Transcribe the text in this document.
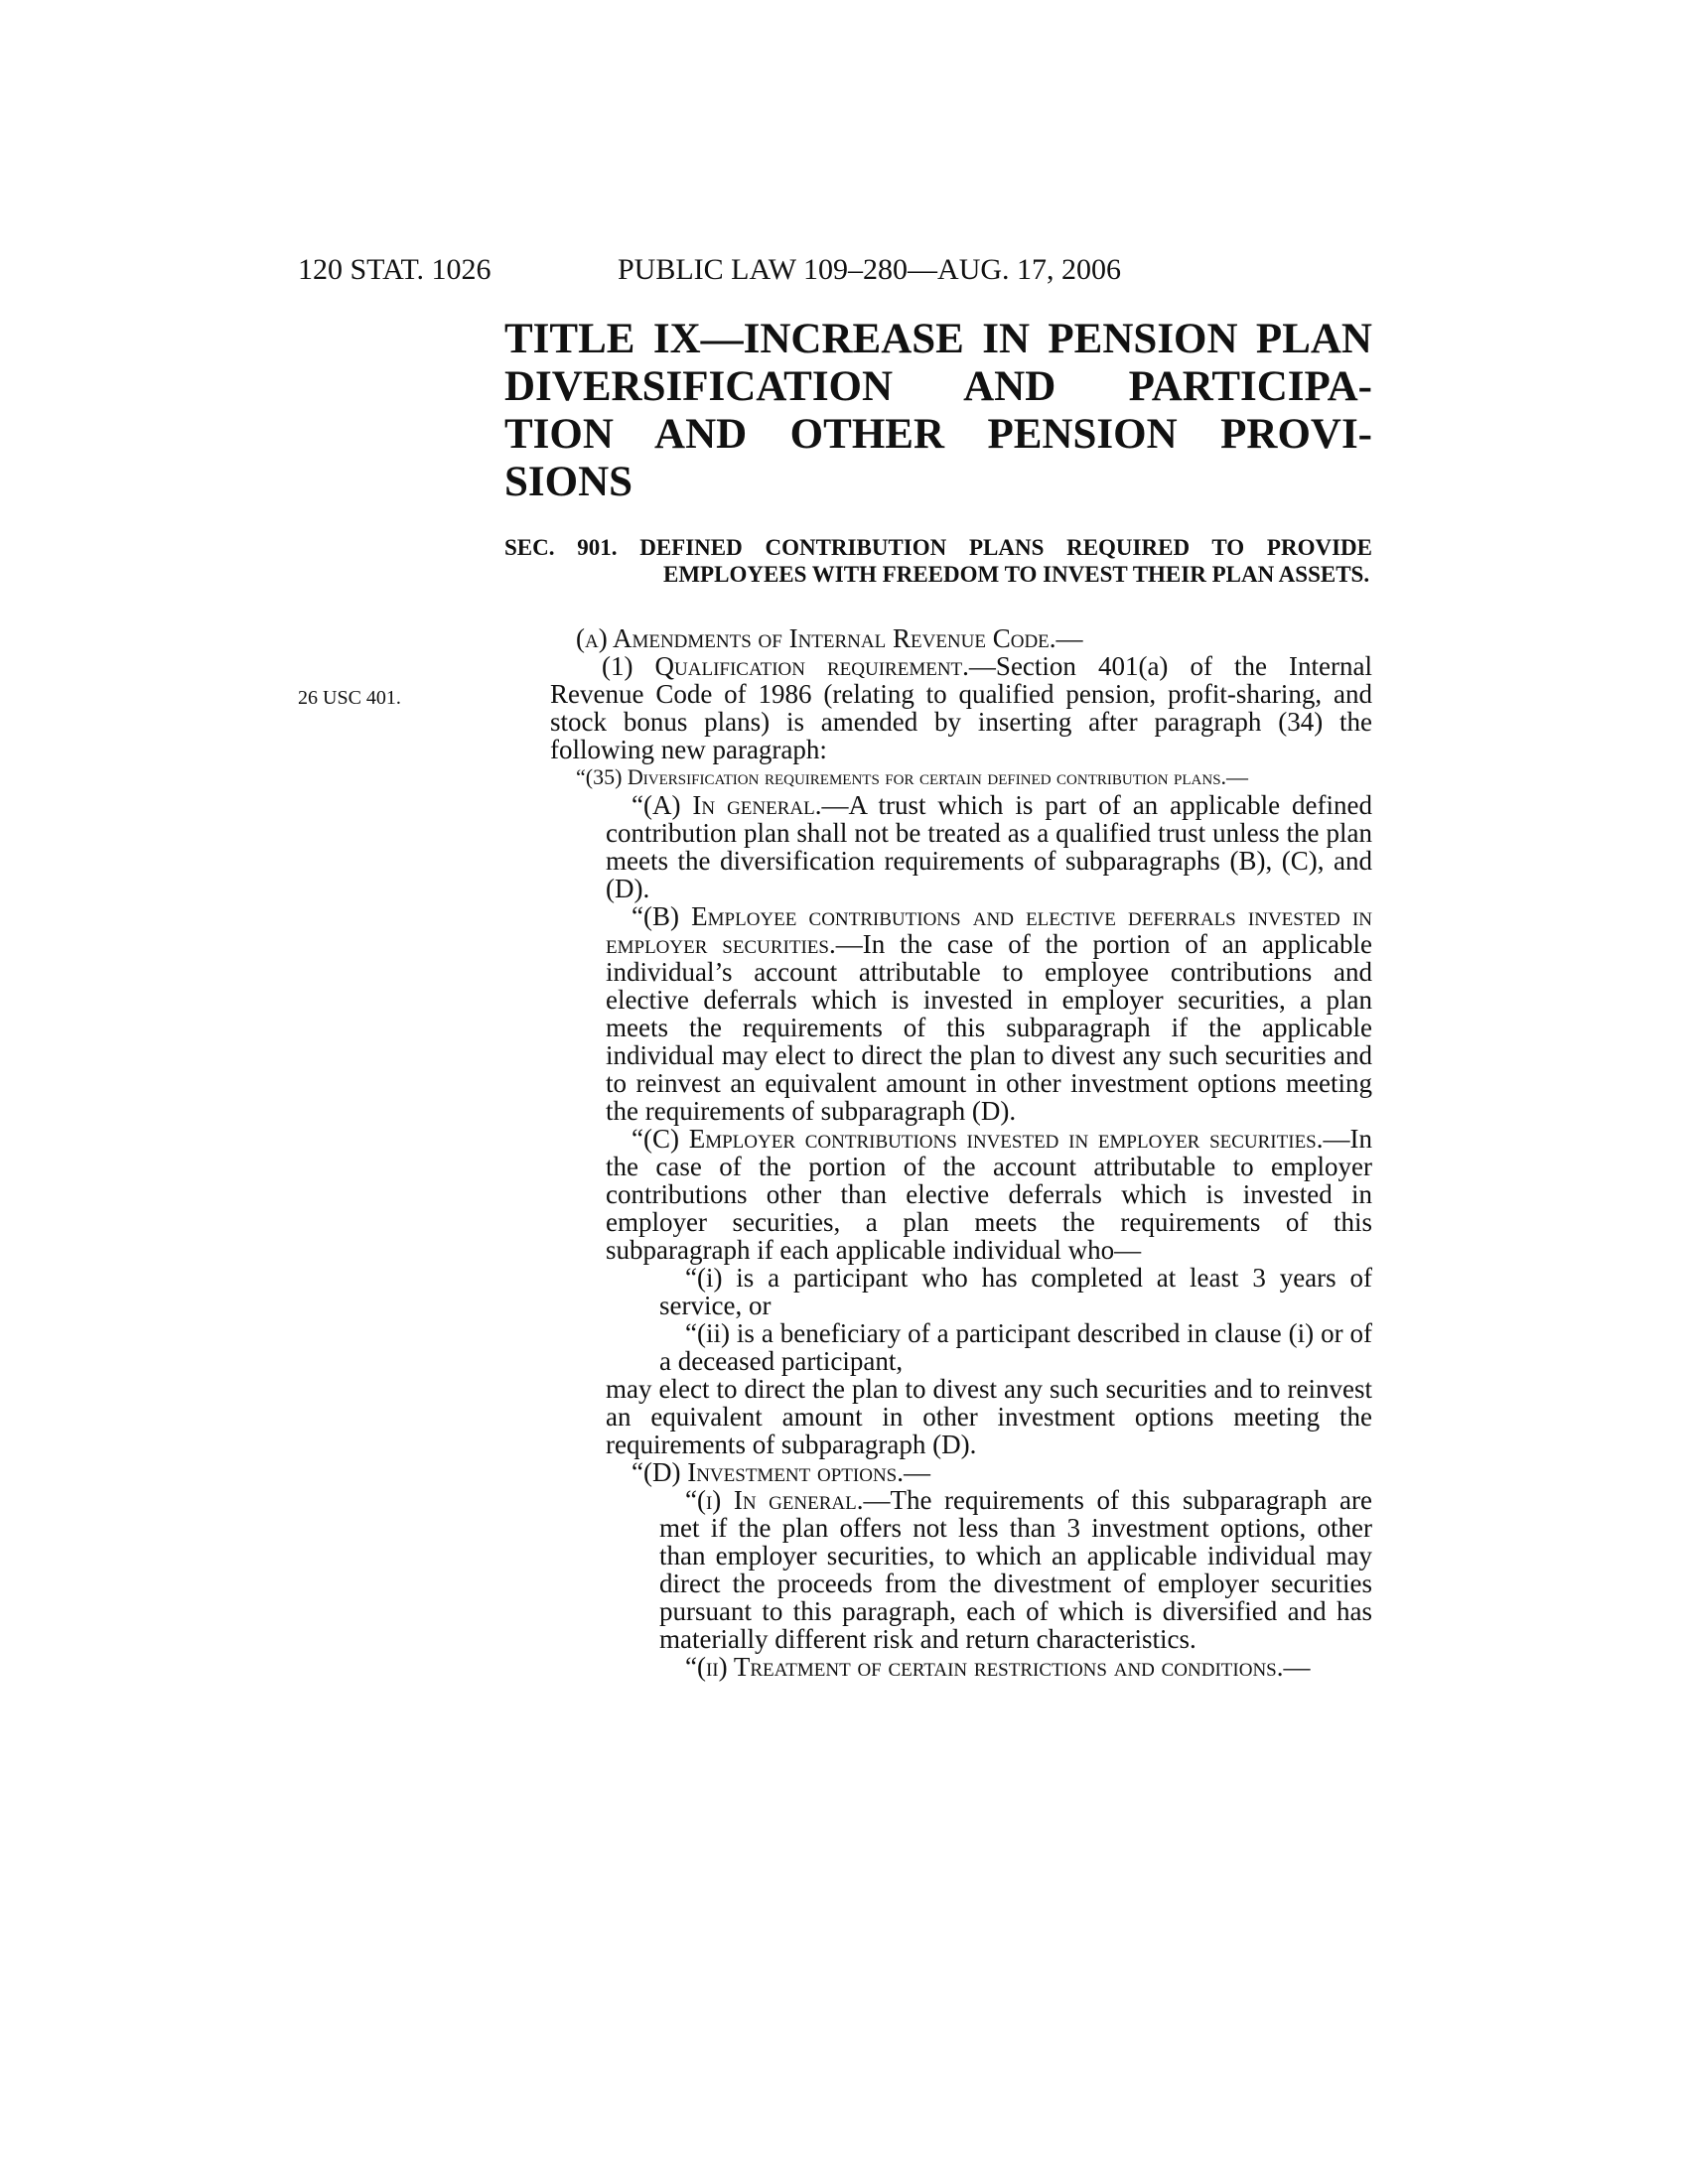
120 STAT. 1026	PUBLIC LAW 109–280—AUG. 17, 2006
TITLE IX—INCREASE IN PENSION PLAN
DIVERSIFICATION AND PARTICIPA-
TION AND OTHER PENSION PROVI-
SIONS
SEC. 901. DEFINED CONTRIBUTION PLANS REQUIRED TO PROVIDE
EMPLOYEES WITH FREEDOM TO INVEST THEIR PLAN ASSETS.
26 USC 401.

(a) Amendments of Internal Revenue Code.—

(1) Qualification requirement.—Section 401(a) of the Internal Revenue Code of 1986 (relating to qualified pension, profit-sharing, and stock bonus plans) is amended by inserting after paragraph (34) the following new paragraph:

“(35) Diversification requirements for certain defined contribution plans.—

“(A) In general.—A trust which is part of an applicable defined contribution plan shall not be treated as a qualified trust unless the plan meets the diversification requirements of subparagraphs (B), (C), and (D).

“(B) Employee contributions and elective deferrals invested in employer securities.—In the case of the portion of an applicable individual’s account attributable to employee contributions and elective deferrals which is invested in employer securities, a plan meets the requirements of this subparagraph if the applicable individual may elect to direct the plan to divest any such securities and to reinvest an equivalent amount in other investment options meeting the requirements of subparagraph (D).

“(C) Employer contributions invested in employer securities.—In the case of the portion of the account attributable to employer contributions other than elective deferrals which is invested in employer securities, a plan meets the requirements of this subparagraph if each applicable individual who—

“(i) is a participant who has completed at least 3 years of service, or

“(ii) is a beneficiary of a participant described in clause (i) or of a deceased participant,

may elect to direct the plan to divest any such securities and to reinvest an equivalent amount in other investment options meeting the requirements of subparagraph (D).

“(D) Investment options.—

“(i) In general.—The requirements of this subparagraph are met if the plan offers not less than 3 investment options, other than employer securities, to which an applicable individual may direct the proceeds from the divestment of employer securities pursuant to this paragraph, each of which is diversified and has materially different risk and return characteristics.

“(ii) Treatment of certain restrictions and conditions.—
